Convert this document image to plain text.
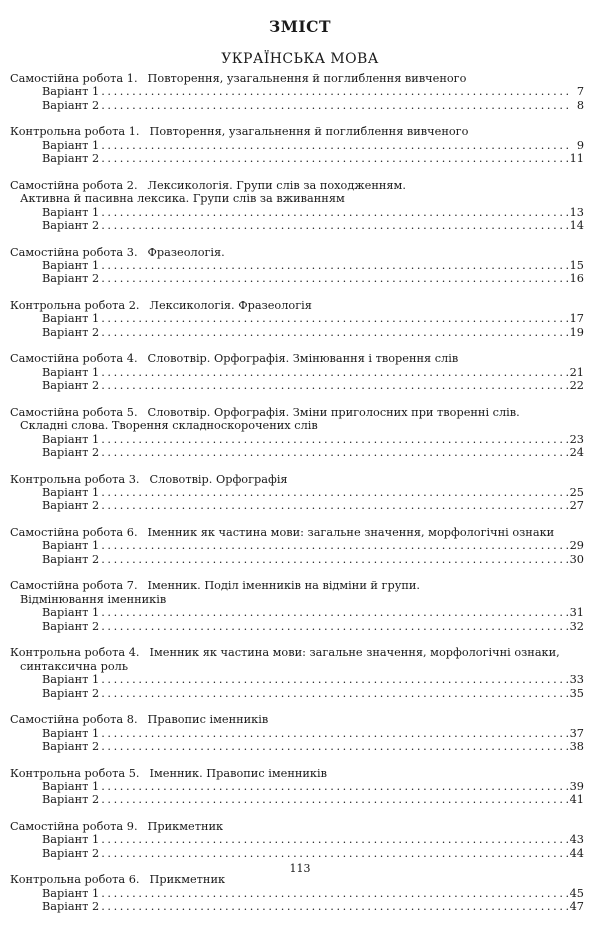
ЗМІСТ
УКРАЇНСЬКА МОВА
Самостійна робота 1. Повторення, узагальнення й поглиблення вивченого
Варіант 1 .....	7
Варіант 2 .....	8
Контрольна робота 1. Повторення, узагальнення й поглиблення вивченого
Варіант 1 .....	9
Варіант 2 .....	11
Самостійна робота 2. Лексикологія. Групи слів за походженням.
Активна й пасивна лексика. Групи слів за вживанням
Варіант 1 .....	13
Варіант 2 .....	14
Самостійна робота 3. Фразеологія.
Варіант 1 .....	15
Варіант 2 .....	16
Контрольна робота 2. Лексикологія. Фразеологія
Варіант 1 .....	17
Варіант 2 .....	19
Самостійна робота 4. Словотвір. Орфографія. Змінювання і творення слів
Варіант 1 .....	21
Варіант 2 .....	22
Самостійна робота 5. Словотвір. Орфографія. Зміни приголосних при творенні слів.
Складні слова. Творення складноскорочених слів
Варіант 1 .....	23
Варіант 2 .....	24
Контрольна робота 3. Словотвір. Орфографія
Варіант 1 .....	25
Варіант 2 .....	27
Самостійна робота 6. Іменник як частина мови: загальне значення, морфологічні ознаки
Варіант 1 .....	29
Варіант 2 .....	30
Самостійна робота 7. Іменник. Поділ іменників на відміни й групи.
Відмінювання іменників
Варіант 1 .....	31
Варіант 2 .....	32
Контрольна робота 4. Іменник як частина мови: загальне значення, морфологічні ознаки,
синтаксична роль
Варіант 1 .....	33
Варіант 2 .....	35
Самостійна робота 8. Правопис іменників
Варіант 1 .....	37
Варіант 2 .....	38
Контрольна робота 5. Іменник. Правопис іменників
Варіант 1 .....	39
Варіант 2 .....	41
Самостійна робота 9. Прикметник
Варіант 1 .....	43
Варіант 2 .....	44
Контрольна робота 6. Прикметник
Варіант 1 .....	45
Варіант 2 .....	47
113
